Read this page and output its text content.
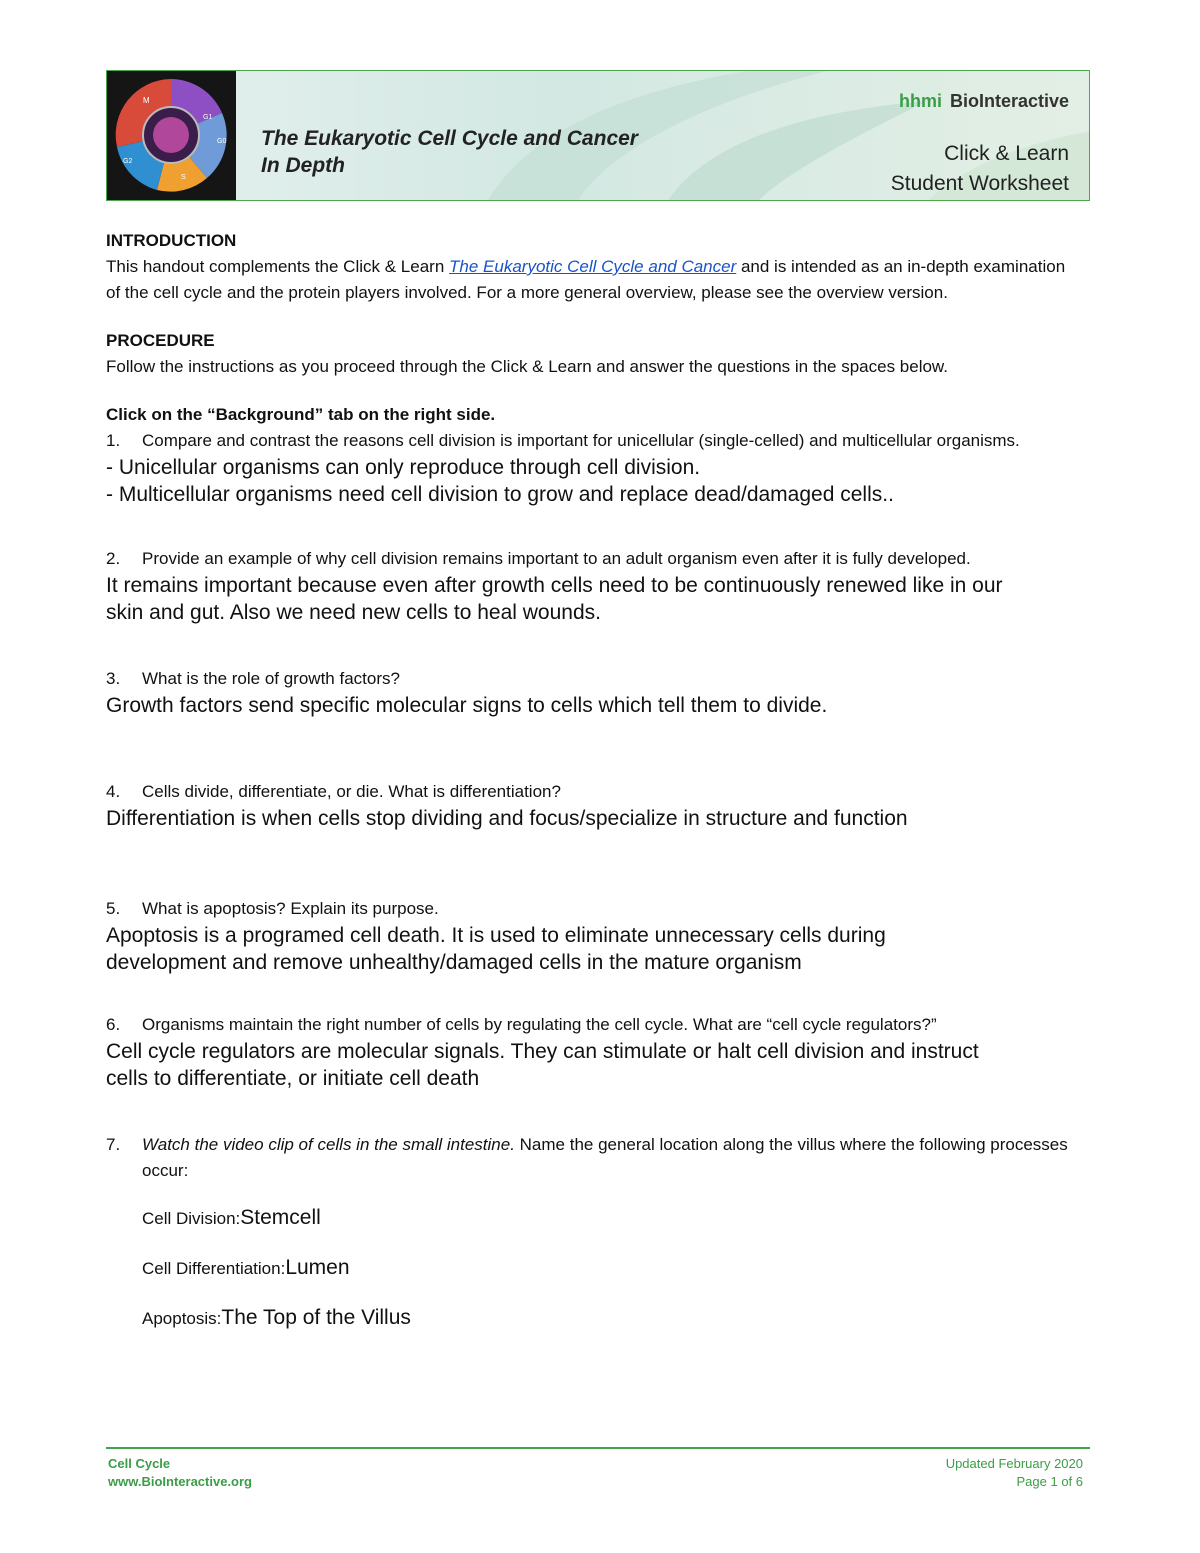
M
G1
G0
S
G2
The Eukaryotic Cell Cycle and Cancer
In Depth
hhmi BioInteractive
Click & Learn
Student Worksheet
INTRODUCTION

This handout complements the Click & Learn The Eukaryotic Cell Cycle and Cancer and is intended as an in-depth examination of the cell cycle and the protein players involved. For a more general overview, please see the overview version.

PROCEDURE

Follow the instructions as you proceed through the Click & Learn and answer the questions in the spaces below.

Click on the “Background” tab on the right side.
1. Compare and contrast the reasons cell division is important for unicellular (single-celled) and multicellular organisms.
- Unicellular organisms can only reproduce through cell division.
- Multicellular organisms need cell division to grow and replace dead/damaged cells..
2. Provide an example of why cell division remains important to an adult organism even after it is fully developed.
It remains important because even after growth cells need to be continuously renewed like in our skin and gut. Also we need new cells to heal wounds.
3. What is the role of growth factors?
Growth factors send specific molecular signs to cells which tell them to divide.
4. Cells divide, differentiate, or die. What is differentiation?
Differentiation is when cells stop dividing and focus/specialize in structure and function
5. What is apoptosis? Explain its purpose.
Apoptosis is a programed cell death. It is used to eliminate unnecessary cells during development and remove unhealthy/damaged cells in the mature organism
6. Organisms maintain the right number of cells by regulating the cell cycle. What are “cell cycle regulators?”
Cell cycle regulators are molecular signals. They can stimulate or halt cell division and instruct cells to differentiate, or initiate cell death
7. Watch the video clip of cells in the small intestine. Name the general location along the villus where the following processes occur:
Cell Division:Stemcell
Cell Differentiation:Lumen
Apoptosis:The Top of the Villus
Cell Cycle
www.BioInteractive.org
Updated February 2020
Page 1 of 6
